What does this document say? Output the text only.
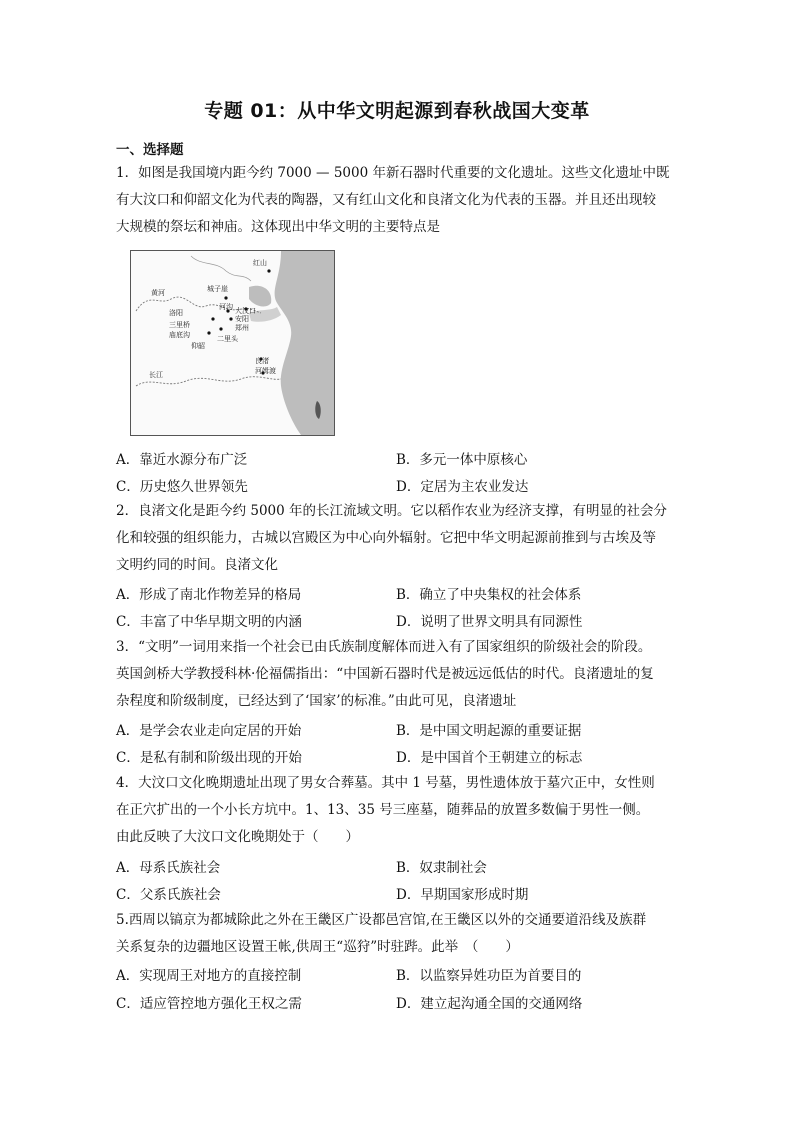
专题 01：从中华文明起源到春秋战国大变革
一、选择题
1．如图是我国境内距今约 7000 — 5000 年新石器时代重要的文化遗址。这些文化遗址中既
有大汶口和仰韶文化为代表的陶器，又有红山文化和良渚文化为代表的玉器。并且还出现较
大规模的祭坛和神庙。这体现出中华文明的主要特点是
红山
黄河	城子崖
河沟
洛阳	大汶口
三里桥
安阳
郑州
二里头
庙底沟
仰韶
良渚
河姆渡
长江
A．靠近水源分布广泛	B．多元一体中原核心
C．历史悠久世界领先	D．定居为主农业发达
2．良渚文化是距今约 5000 年的长江流域文明。它以稻作农业为经济支撑，有明显的社会分
化和较强的组织能力，古城以宫殿区为中心向外辐射。它把中华文明起源前推到与古埃及等
文明约同的时间。良渚文化
A．形成了南北作物差异的格局	B．确立了中央集权的社会体系
C．丰富了中华早期文明的内涵	D．说明了世界文明具有同源性
3．“文明”一词用来指一个社会已由氏族制度解体而进入有了国家组织的阶级社会的阶段。
英国剑桥大学教授科林·伦福儒指出：“中国新石器时代是被远远低估的时代。良渚遗址的复
杂程度和阶级制度，已经达到了‘国家’的标准。”由此可见，良渚遗址
A．是学会农业走向定居的开始	B．是中国文明起源的重要证据
C．是私有制和阶级出现的开始	D．是中国首个王朝建立的标志
4．大汶口文化晚期遗址出现了男女合葬墓。其中 1 号墓，男性遗体放于墓穴正中，女性则
在正穴扩出的一个小长方坑中。1、13、35 号三座墓，随葬品的放置多数偏于男性一侧。
由此反映了大汶口文化晚期处于（　　）
A．母系氏族社会	B．奴隶制社会
C．父系氏族社会	D．早期国家形成时期
5.西周以镐京为都城除此之外在王畿区广设都邑宫馆,在王畿区以外的交通要道沿线及族群
关系复杂的边疆地区设置王帐,供周王“巡狩”时驻跸。此举　（　　）
A．实现周王对地方的直接控制	B．以监察异姓功臣为首要目的
C．适应管控地方强化王权之需	D．建立起沟通全国的交通网络
